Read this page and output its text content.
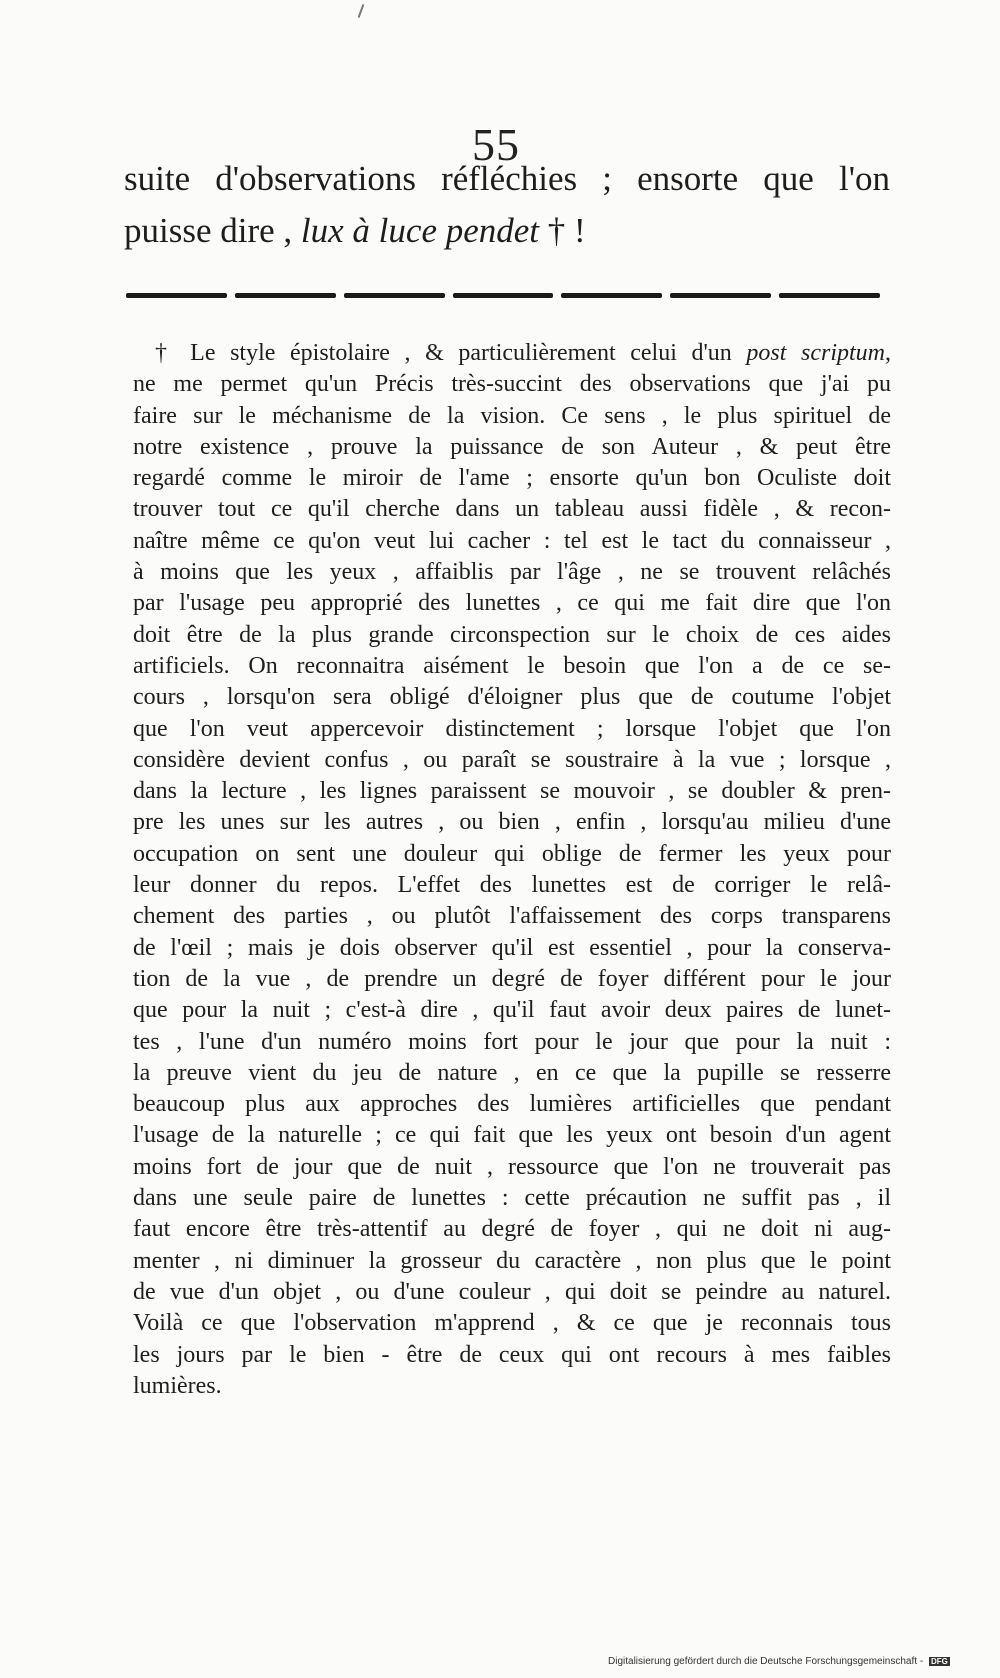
55
suite d'observations réfléchies ; ensorte que l'on
puisse dire , lux à luce pendet † !
† Le style épistolaire , & particulièrement celui d'un post scriptum,
ne me permet qu'un Précis très-succint des observations que j'ai pu
faire sur le méchanisme de la vision. Ce sens , le plus spirituel de
notre existence , prouve la puissance de son Auteur , & peut être
regardé comme le miroir de l'ame ; ensorte qu'un bon Oculiste doit
trouver tout ce qu'il cherche dans un tableau aussi fidèle , & recon-
naître même ce qu'on veut lui cacher : tel est le tact du connaisseur ,
à moins que les yeux , affaiblis par l'âge , ne se trouvent relâchés
par l'usage peu approprié des lunettes , ce qui me fait dire que l'on
doit être de la plus grande circonspection sur le choix de ces aides
artificiels. On reconnaitra aisément le besoin que l'on a de ce se-
cours , lorsqu'on sera obligé d'éloigner plus que de coutume l'objet
que l'on veut appercevoir distinctement ; lorsque l'objet que l'on
considère devient confus , ou paraît se soustraire à la vue ; lorsque ,
dans la lecture , les lignes paraissent se mouvoir , se doubler & pren-
pre les unes sur les autres , ou bien , enfin , lorsqu'au milieu d'une
occupation on sent une douleur qui oblige de fermer les yeux pour
leur donner du repos. L'effet des lunettes est de corriger le relâ-
chement des parties , ou plutôt l'affaissement des corps transparens
de l'œil ; mais je dois observer qu'il est essentiel , pour la conserva-
tion de la vue , de prendre un degré de foyer différent pour le jour
que pour la nuit ; c'est-à dire , qu'il faut avoir deux paires de lunet-
tes , l'une d'un numéro moins fort pour le jour que pour la nuit :
la preuve vient du jeu de nature , en ce que la pupille se resserre
beaucoup plus aux approches des lumières artificielles que pendant
l'usage de la naturelle ; ce qui fait que les yeux ont besoin d'un agent
moins fort de jour que de nuit , ressource que l'on ne trouverait pas
dans une seule paire de lunettes : cette précaution ne suffit pas , il
faut encore être très-attentif au degré de foyer , qui ne doit ni aug-
menter , ni diminuer la grosseur du caractère , non plus que le point
de vue d'un objet , ou d'une couleur , qui doit se peindre au naturel.
Voilà ce que l'observation m'apprend , & ce que je reconnais tous
les jours par le bien - être de ceux qui ont recours à mes faibles
lumières.
Digitalisierung gefördert durch die Deutsche Forschungsgemeinschaft - DFG
